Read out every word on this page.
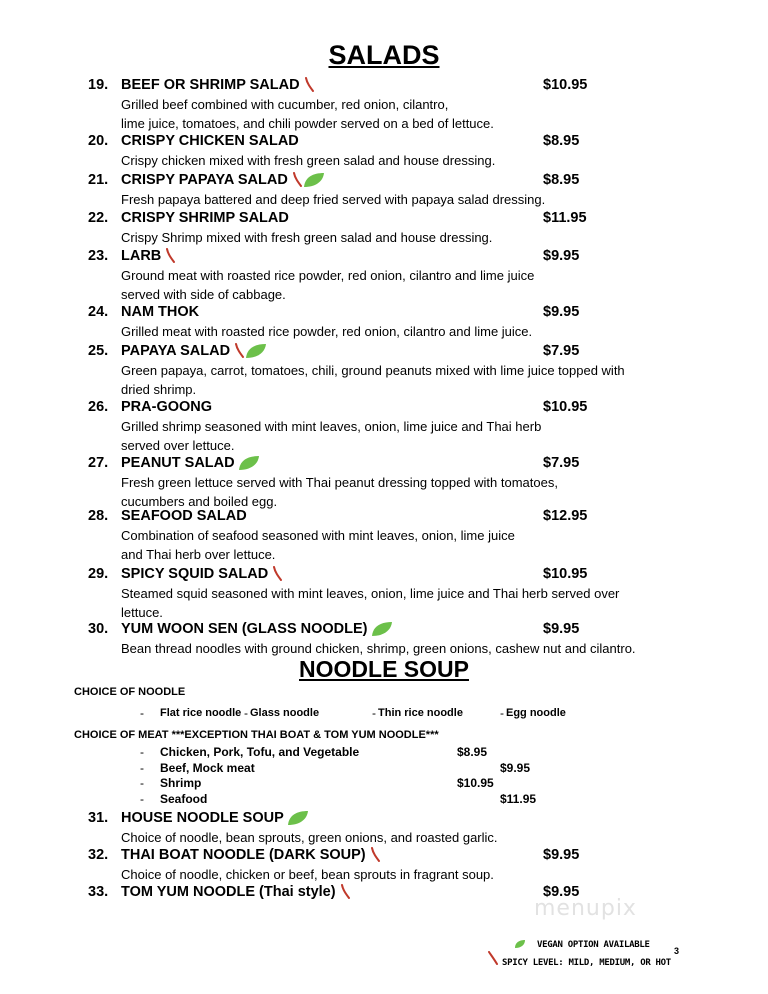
SALADS
19. BEEF OR SHRIMP SALAD	$10.95
Grilled beef combined with cucumber, red onion, cilantro,
lime juice, tomatoes, and chili powder served on a bed of lettuce.
20. CRISPY CHICKEN SALAD	$8.95
Crispy chicken mixed with fresh green salad and house dressing.
21. CRISPY PAPAYA SALAD	$8.95
Fresh papaya battered and deep fried served with papaya salad dressing.
22. CRISPY SHRIMP SALAD	$11.95
Crispy Shrimp mixed with fresh green salad and house dressing.
23. LARB	$9.95
Ground meat with roasted rice powder, red onion, cilantro and lime juice
served with side of cabbage.
24. NAM THOK	$9.95
Grilled meat with roasted rice powder, red onion, cilantro and lime juice.
25. PAPAYA SALAD	$7.95
Green papaya, carrot, tomatoes, chili, ground peanuts mixed with lime juice topped with
dried shrimp.
26. PRA-GOONG	$10.95
Grilled shrimp seasoned with mint leaves, onion, lime juice and Thai herb
served over lettuce.
27. PEANUT SALAD	$7.95
Fresh green lettuce served with Thai peanut dressing topped with tomatoes,
cucumbers and boiled egg.
28. SEAFOOD SALAD	$12.95
Combination of seafood seasoned with mint leaves, onion, lime juice
and Thai herb over lettuce.
29. SPICY SQUID SALAD	$10.95
Steamed squid seasoned with mint leaves, onion, lime juice and Thai herb served over
lettuce.
30. YUM WOON SEN (GLASS NOODLE)	$9.95
Bean thread noodles with ground chicken, shrimp, green onions, cashew nut and cilantro.
NOODLE SOUP
CHOICE OF NOODLE
- Flat rice noodle - Glass noodle	- Thin rice noodle	- Egg noodle
CHOICE OF MEAT ***EXCEPTION THAI BOAT & TOM YUM NOODLE***
- Chicken, Pork, Tofu, and Vegetable	$8.95
- Beef, Mock meat	$9.95
- Shrimp	$10.95
- Seafood	$11.95
31. HOUSE NOODLE SOUP
Choice of noodle, bean sprouts, green onions, and roasted garlic.
32. THAI BOAT NOODLE (DARK SOUP)	$9.95
Choice of noodle, chicken or beef, bean sprouts in fragrant soup.
33. TOM YUM NOODLE (Thai style)	$9.95
menupix
VEGAN OPTION AVAILABLE
SPICY LEVEL: MILD, MEDIUM, OR HOT
3
